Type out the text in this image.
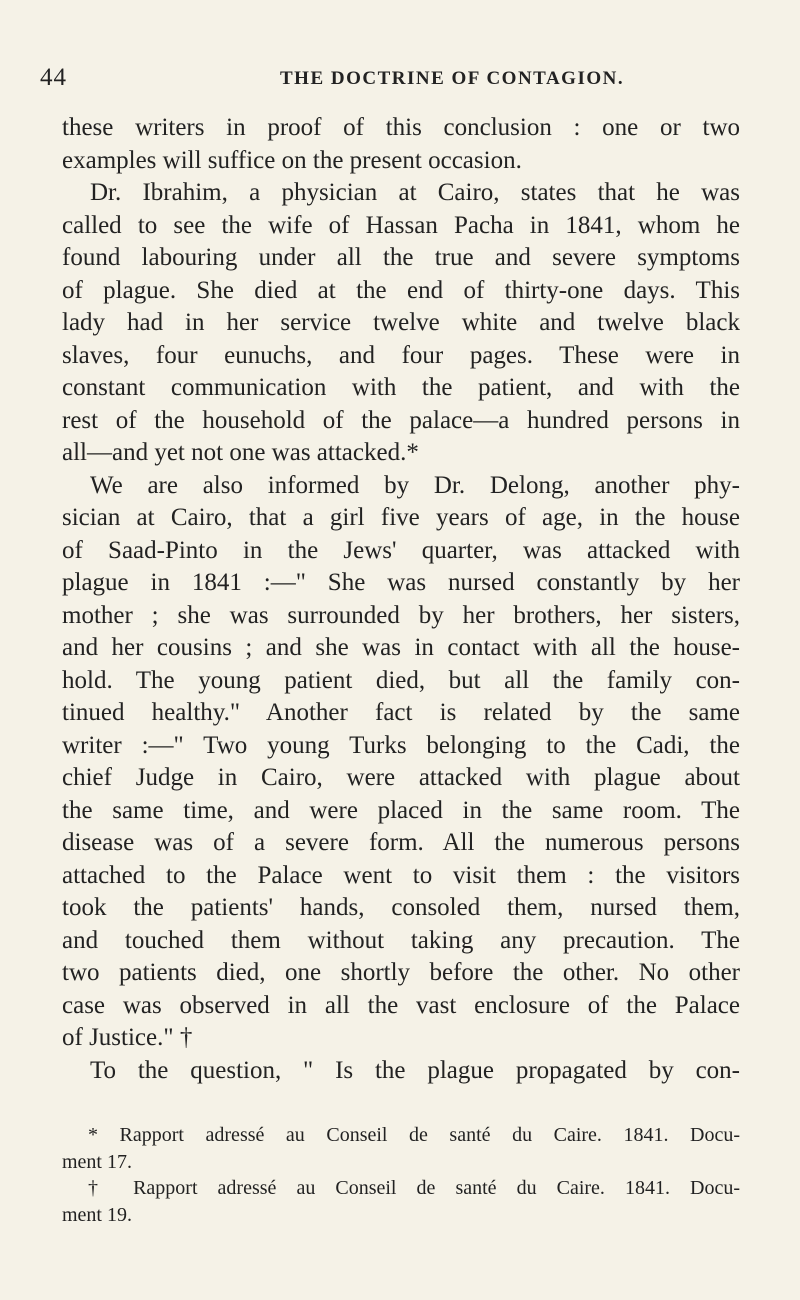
44	THE DOCTRINE OF CONTAGION.
these writers in proof of this conclusion : one or two
examples will suffice on the present occasion.
Dr. Ibrahim, a physician at Cairo, states that he was
called to see the wife of Hassan Pacha in 1841, whom he
found labouring under all the true and severe symptoms
of plague. She died at the end of thirty-one days. This
lady had in her service twelve white and twelve black
slaves, four eunuchs, and four pages. These were in
constant communication with the patient, and with the
rest of the household of the palace—a hundred persons in
all—and yet not one was attacked.*
We are also informed by Dr. Delong, another phy-
sician at Cairo, that a girl five years of age, in the house
of Saad-Pinto in the Jews' quarter, was attacked with
plague in 1841 :—" She was nursed constantly by her
mother ; she was surrounded by her brothers, her sisters,
and her cousins ; and she was in contact with all the house-
hold. The young patient died, but all the family con-
tinued healthy." Another fact is related by the same
writer :—" Two young Turks belonging to the Cadi, the
chief Judge in Cairo, were attacked with plague about
the same time, and were placed in the same room. The
disease was of a severe form. All the numerous persons
attached to the Palace went to visit them : the visitors
took the patients' hands, consoled them, nursed them,
and touched them without taking any precaution. The
two patients died, one shortly before the other. No other
case was observed in all the vast enclosure of the Palace
of Justice." †
To the question, " Is the plague propagated by con-
* Rapport adressé au Conseil de santé du Caire. 1841. Docu-
ment 17.
† Rapport adressé au Conseil de santé du Caire. 1841. Docu-
ment 19.
